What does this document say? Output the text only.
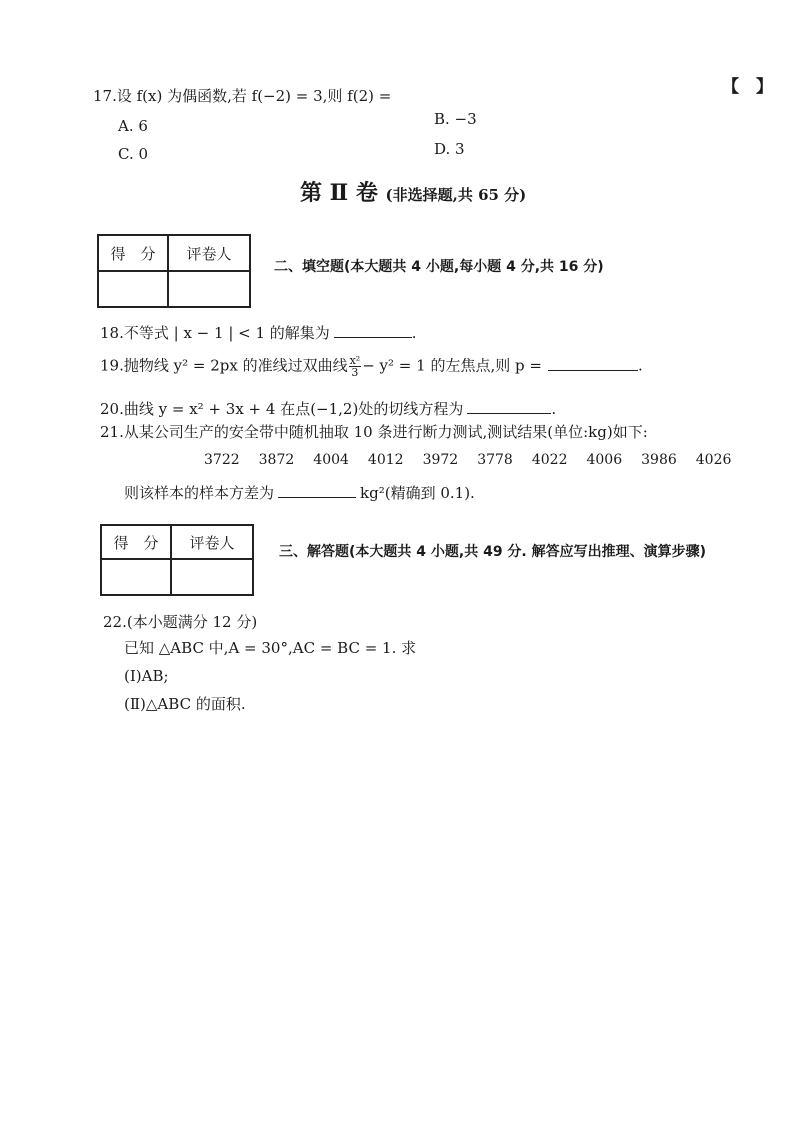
17.设 f(x) 为偶函数,若 f(−2) = 3,则 f(2) =	【　】
A. 6	B. −3
C. 0	D. 3
第 Ⅱ 卷 (非选择题,共 65 分)
得　分	评卷人

二、填空题(本大题共 4 小题,每小题 4 分,共 16 分)
18.不等式 | x − 1 | < 1 的解集为	.
19.抛物线 y² = 2px 的准线过双曲线 $\frac{\text{x²}}{3} - y^2 = 1$ 的左焦点,则 p =	.
20.曲线 y = x² + 3x + 4 在点(−1,2)处的切线方程为	.
21.从某公司生产的安全带中随机抽取 10 条进行断力测试,测试结果(单位:kg)如下:
3722 3872 4004 4012 3972 3778 4022 4006 3986 4026
则该样本的样本方差为	kg²(精确到 0.1).
得　分	评卷人

三、解答题(本大题共 4 小题,共 49 分. 解答应写出推理、演算步骤)
22.(本小题满分 12 分)
已知 △ABC 中,A = 30°,AC = BC = 1. 求
(Ⅰ)AB;
(Ⅱ)△ABC 的面积.
